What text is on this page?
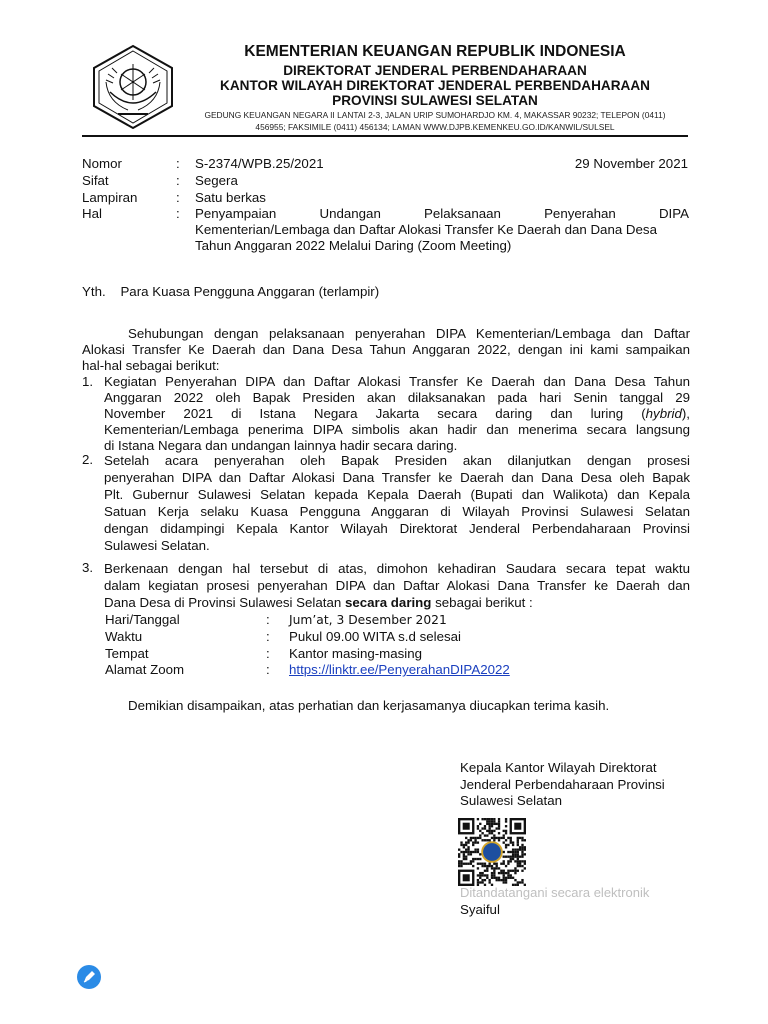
KEMENTERIAN KEUANGAN REPUBLIK INDONESIA
DIREKTORAT JENDERAL PERBENDAHARAAN
KANTOR WILAYAH DIREKTORAT JENDERAL PERBENDAHARAAN
PROVINSI SULAWESI SELATAN
GEDUNG KEUANGAN NEGARA II LANTAI 2-3, JALAN URIP SUMOHARDJO KM. 4, MAKASSAR 90232; TELEPON (0411)
456955; FAKSIMILE (0411) 456134; LAMAN WWW.DJPB.KEMENKEU.GO.ID/KANWIL/SULSEL
Nomor	: S-2374/WPB.25/2021	29 November 2021
Sifat	: Segera
Lampiran	: Satu berkas
Hal	: Penyampaian Undangan Pelaksanaan Penyerahan DIPA
Kementerian/Lembaga dan Daftar Alokasi Transfer Ke Daerah dan Dana Desa
Tahun Anggaran 2022 Melalui Daring (Zoom Meeting)
Yth. Para Kuasa Pengguna Anggaran (terlampir)
Sehubungan dengan pelaksanaan penyerahan DIPA Kementerian/Lembaga dan Daftar
Alokasi Transfer Ke Daerah dan Dana Desa Tahun Anggaran 2022, dengan ini kami sampaikan
hal-hal sebagai berikut:
1. Kegiatan Penyerahan DIPA dan Daftar Alokasi Transfer Ke Daerah dan Dana Desa Tahun
Anggaran 2022 oleh Bapak Presiden akan dilaksanakan pada hari Senin tanggal 29
November 2021 di Istana Negara Jakarta secara daring dan luring (hybrid),
Kementerian/Lembaga penerima DIPA simbolis akan hadir dan menerima secara langsung
di Istana Negara dan undangan lainnya hadir secara daring.
2. Setelah acara penyerahan oleh Bapak Presiden akan dilanjutkan dengan prosesi
penyerahan DIPA dan Daftar Alokasi Dana Transfer ke Daerah dan Dana Desa oleh Bapak
Plt. Gubernur Sulawesi Selatan kepada Kepala Daerah (Bupati dan Walikota) dan Kepala
Satuan Kerja selaku Kuasa Pengguna Anggaran di Wilayah Provinsi Sulawesi Selatan
dengan didampingi Kepala Kantor Wilayah Direktorat Jenderal Perbendaharaan Provinsi
Sulawesi Selatan.
3. Berkenaan dengan hal tersebut di atas, dimohon kehadiran Saudara secara tepat waktu
dalam kegiatan prosesi penyerahan DIPA dan Daftar Alokasi Dana Transfer ke Daerah dan
Dana Desa di Provinsi Sulawesi Selatan secara daring sebagai berikut :
Hari/Tanggal	: Jum’at, 3 Desember 2021
Waktu	: Pukul 09.00 WITA s.d selesai
Tempat	: Kantor masing-masing
Alamat Zoom	: https://linktr.ee/PenyerahanDIPA2022
Demikian disampaikan, atas perhatian dan kerjasamanya diucapkan terima kasih.
Kepala Kantor Wilayah Direktorat
Jenderal Perbendaharaan Provinsi
Sulawesi Selatan
Ditandatangani secara elektronik
Syaiful
